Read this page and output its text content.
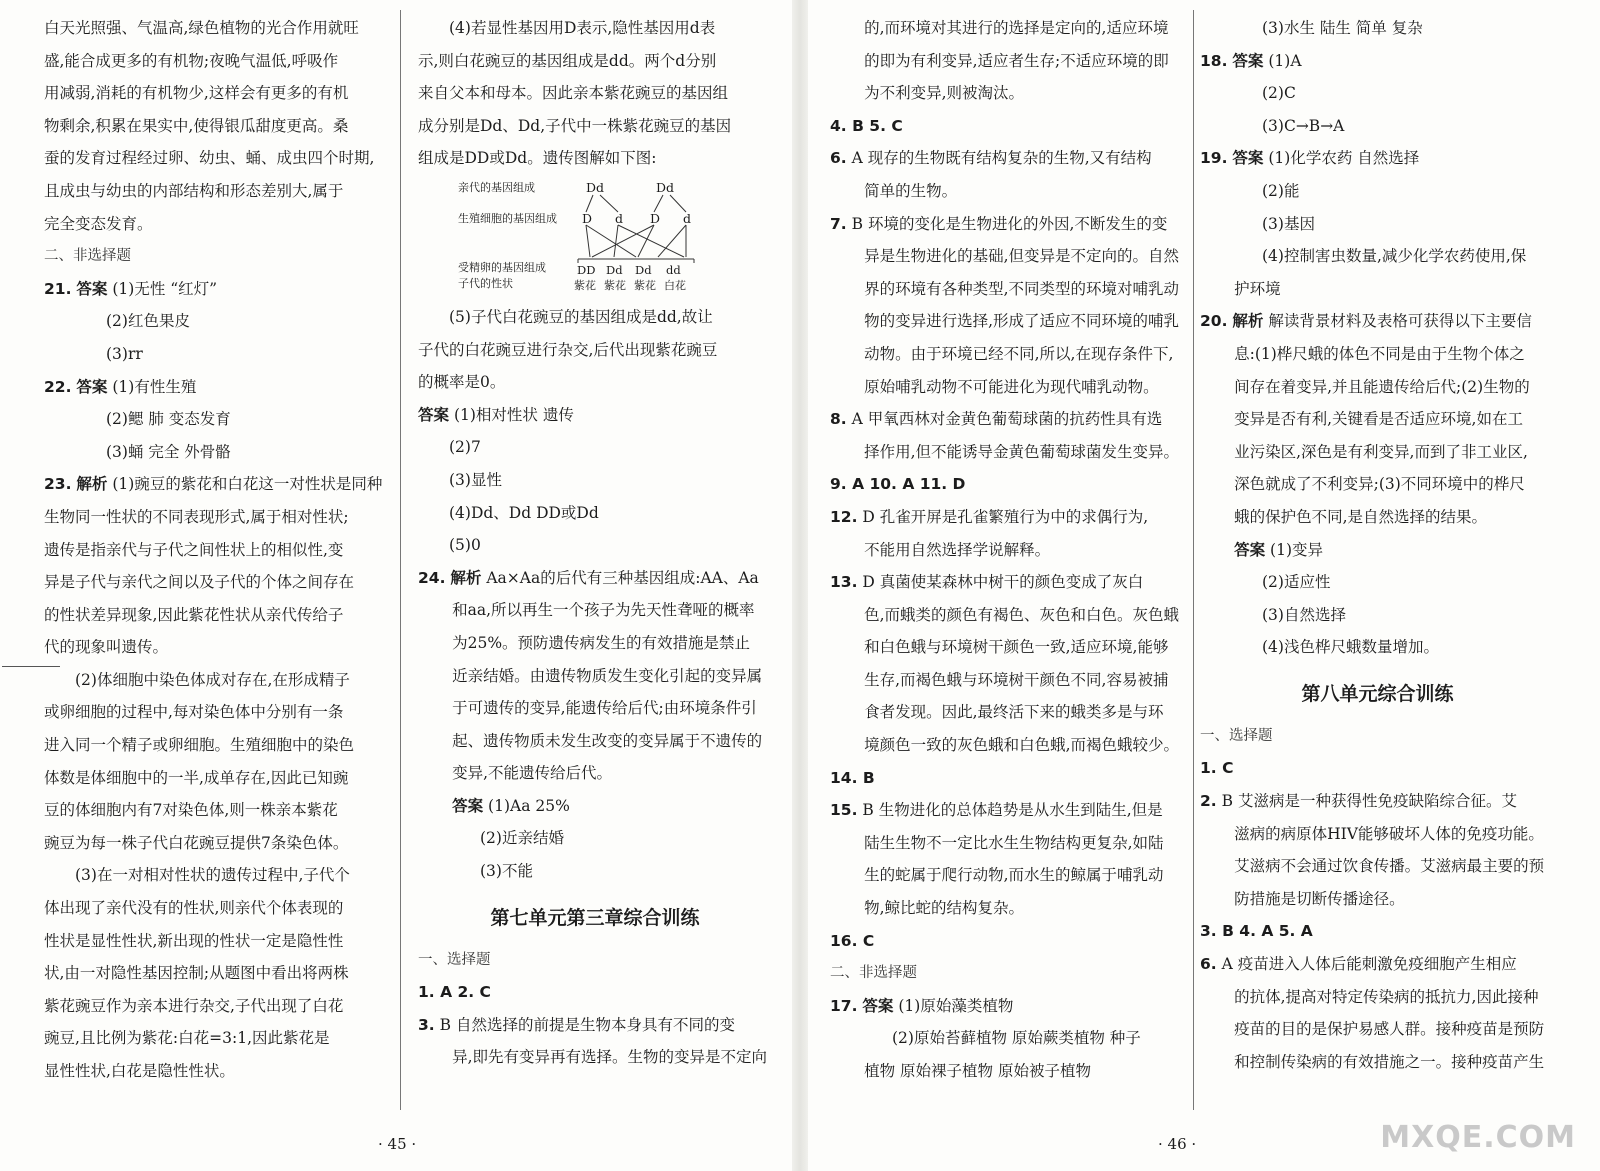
白天光照强、气温高,绿色植物的光合作用就旺
盛,能合成更多的有机物;夜晚气温低,呼吸作
用减弱,消耗的有机物少,这样会有更多的有机
物剩余,积累在果实中,使得银瓜甜度更高。桑
蚕的发育过程经过卵、幼虫、蛹、成虫四个时期,
且成虫与幼虫的内部结构和形态差别大,属于
完全变态发育。
二、非选择题
21. 答案 (1)无性 “红灯”
(2)红色果皮
(3)rr
22. 答案 (1)有性生殖
(2)鳃 肺 变态发育
(3)蛹 完全 外骨骼
23. 解析 (1)豌豆的紫花和白花这一对性状是同种
生物同一性状的不同表现形式,属于相对性状;
遗传是指亲代与子代之间性状上的相似性,变
异是子代与亲代之间以及子代的个体之间存在
的性状差异现象,因此紫花性状从亲代传给子
代的现象叫遗传。
(2)体细胞中染色体成对存在,在形成精子
或卵细胞的过程中,每对染色体中分别有一条
进入同一个精子或卵细胞。生殖细胞中的染色
体数是体细胞中的一半,成单存在,因此已知豌
豆的体细胞内有7对染色体,则一株亲本紫花
豌豆为每一株子代白花豌豆提供7条染色体。
(3)在一对相对性状的遗传过程中,子代个
体出现了亲代没有的性状,则亲代个体表现的
性状是显性性状,新出现的性状一定是隐性性
状,由一对隐性基因控制;从题图中看出将两株
紫花豌豆作为亲本进行杂交,子代出现了白花
豌豆,且比例为紫花:白花=3:1,因此紫花是
显性性状,白花是隐性性状。
(4)若显性基因用D表示,隐性基因用d表
示,则白花豌豆的基因组成是dd。两个d分别
来自父本和母本。因此亲本紫花豌豆的基因组
成分别是Dd、Dd,子代中一株紫花豌豆的基因
组成是DD或Dd。遗传图解如下图:
亲代的基因组成
生殖细胞的基因组成
受精卵的基因组成
子代的性状
Dd	Dd
D d D d
DD Dd Dd dd
紫花 紫花 紫花 白花
(5)子代白花豌豆的基因组成是dd,故让
子代的白花豌豆进行杂交,后代出现紫花豌豆
的概率是0。
答案 (1)相对性状 遗传
(2)7
(3)显性
(4)Dd、Dd DD或Dd
(5)0
24. 解析 Aa×Aa的后代有三种基因组成:AA、Aa
和aa,所以再生一个孩子为先天性聋哑的概率
为25%。预防遗传病发生的有效措施是禁止
近亲结婚。由遗传物质发生变化引起的变异属
于可遗传的变异,能遗传给后代;由环境条件引
起、遗传物质未发生改变的变异属于不遗传的
变异,不能遗传给后代。
答案 (1)Aa 25%
(2)近亲结婚
(3)不能
第七单元第三章综合训练
一、选择题
1. A 2. C
3. B 自然选择的前提是生物本身具有不同的变
异,即先有变异再有选择。生物的变异是不定向
· 45 ·
的,而环境对其进行的选择是定向的,适应环境
的即为有利变异,适应者生存;不适应环境的即
为不利变异,则被淘汰。
4. B 5. C
6. A 现存的生物既有结构复杂的生物,又有结构
简单的生物。
7. B 环境的变化是生物进化的外因,不断发生的变
异是生物进化的基础,但变异是不定向的。自然
界的环境有各种类型,不同类型的环境对哺乳动
物的变异进行选择,形成了适应不同环境的哺乳
动物。由于环境已经不同,所以,在现存条件下,
原始哺乳动物不可能进化为现代哺乳动物。
8. A 甲氧西林对金黄色葡萄球菌的抗药性具有选
择作用,但不能诱导金黄色葡萄球菌发生变异。
9. A 10. A 11. D
12. D 孔雀开屏是孔雀繁殖行为中的求偶行为,
不能用自然选择学说解释。
13. D 真菌使某森林中树干的颜色变成了灰白
色,而蛾类的颜色有褐色、灰色和白色。灰色蛾
和白色蛾与环境树干颜色一致,适应环境,能够
生存,而褐色蛾与环境树干颜色不同,容易被捕
食者发现。因此,最终活下来的蛾类多是与环
境颜色一致的灰色蛾和白色蛾,而褐色蛾较少。
14. B
15. B 生物进化的总体趋势是从水生到陆生,但是
陆生生物不一定比水生生物结构更复杂,如陆
生的蛇属于爬行动物,而水生的鲸属于哺乳动
物,鲸比蛇的结构复杂。
16. C
二、非选择题
17. 答案 (1)原始藻类植物
(2)原始苔藓植物 原始蕨类植物 种子
植物 原始裸子植物 原始被子植物
(3)水生 陆生 简单 复杂
18. 答案 (1)A
(2)C
(3)C→B→A
19. 答案 (1)化学农药 自然选择
(2)能
(3)基因
(4)控制害虫数量,减少化学农药使用,保
护环境
20. 解析 解读背景材料及表格可获得以下主要信
息:(1)桦尺蛾的体色不同是由于生物个体之
间存在着变异,并且能遗传给后代;(2)生物的
变异是否有利,关键看是否适应环境,如在工
业污染区,深色是有利变异,而到了非工业区,
深色就成了不利变异;(3)不同环境中的桦尺
蛾的保护色不同,是自然选择的结果。
答案 (1)变异
(2)适应性
(3)自然选择
(4)浅色桦尺蛾数量增加。
第八单元综合训练
一、选择题
1. C
2. B 艾滋病是一种获得性免疫缺陷综合征。艾
滋病的病原体HIV能够破坏人体的免疫功能。
艾滋病不会通过饮食传播。艾滋病最主要的预
防措施是切断传播途径。
3. B 4. A 5. A
6. A 疫苗进入人体后能刺激免疫细胞产生相应
的抗体,提高对特定传染病的抵抗力,因此接种
疫苗的目的是保护易感人群。接种疫苗是预防
和控制传染病的有效措施之一。接种疫苗产生
· 46 ·	MXQE.COM
